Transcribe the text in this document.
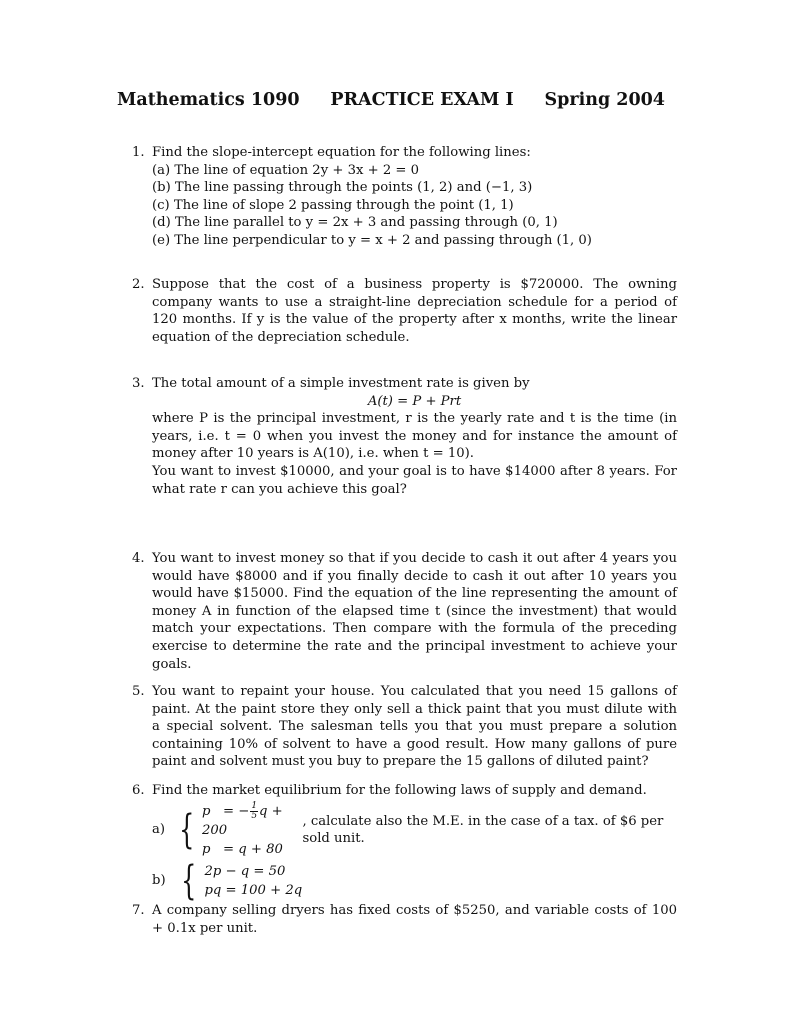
Mathematics 1090 PRACTICE EXAM I Spring 2004
1. Find the slope-intercept equation for the following lines:

(a) The line of equation 2y + 3x + 2 = 0

(b) The line passing through the points (1, 2) and (−1, 3)

(c) The line of slope 2 passing through the point (1, 1)

(d) The line parallel to y = 2x + 3 and passing through (0, 1)

(e) The line perpendicular to y = x + 2 and passing through (1, 0)

2. Suppose that the cost of a business property is $720000. The owning company wants to use a straight-line depreciation schedule for a period of 120 months. If y is the value of the property after x months, write the linear equation of the depreciation schedule.

3. The total amount of a simple investment rate is given by

A(t) = P + Prt

where P is the principal investment, r is the yearly rate and t is the time (in years, i.e. t = 0 when you invest the money and for instance the amount of money after 10 years is A(10), i.e. when t = 10).

You want to invest $10000, and your goal is to have $14000 after 8 years. For what rate r can you achieve this goal?

4. You want to invest money so that if you decide to cash it out after 4 years you would have $8000 and if you finally decide to cash it out after 10 years you would have $15000. Find the equation of the line representing the amount of money A in function of the elapsed time t (since the investment) that would match your expectations. Then compare with the formula of the preceding exercise to determine the rate and the principal investment to achieve your goals.

5. You want to repaint your house. You calculated that you need 15 gallons of paint. At the paint store they only sell a thick paint that you must dilute with a special solvent. The salesman tells you that you must prepare a solution containing 10% of solvent to have a good result. How many gallons of pure paint and solvent must you buy to prepare the 15 gallons of diluted paint?

6. Find the market equilibrium for the following laws of supply and demand.

a) { p = − $\frac{1}{5}$ q + 200
p   = q + 80
, calculate also the M.E. in the case of a tax. of $6 per sold unit.
b) { 2p − q = 50
pq = 100 + 2q
7. A company selling dryers has fixed costs of $5250, and variable costs of 100 + 0.1x per unit.
